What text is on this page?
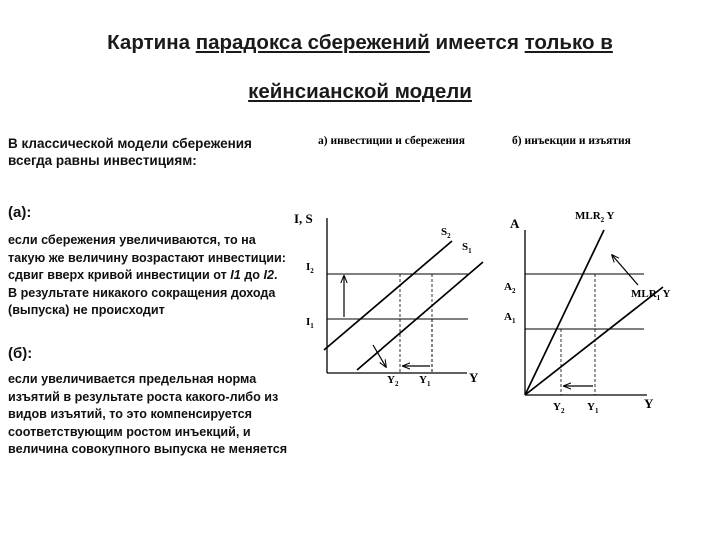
Картина парадокса сбережений имеется только в
кейнсианской модели
В классической модели сбережения всегда равны инвестициям:
(а):
если сбережения увеличиваются, то на такую же величину возрастают инвестиции: сдвиг вверх кривой инвестиции от I1 до I2. В результате никакого сокращения дохода (выпуска) не происходит
(б):
если увеличивается предельная норма изъятий в результате роста какого-либо из видов изъятий, то это компенсируется соответствующим ростом инъекций, и величина совокупного выпуска не меняется
а) инвестиции и сбережения
I, S
Y
$I_2$
$I_1$
$S_2$
$S_1$
$Y_2$ $Y_1$
б) инъекции и изъятия
A
Y
$A_2$
$A_1$
$MLR_2$ Y
$MLR_1$ Y
$Y_2$ $Y_1$
